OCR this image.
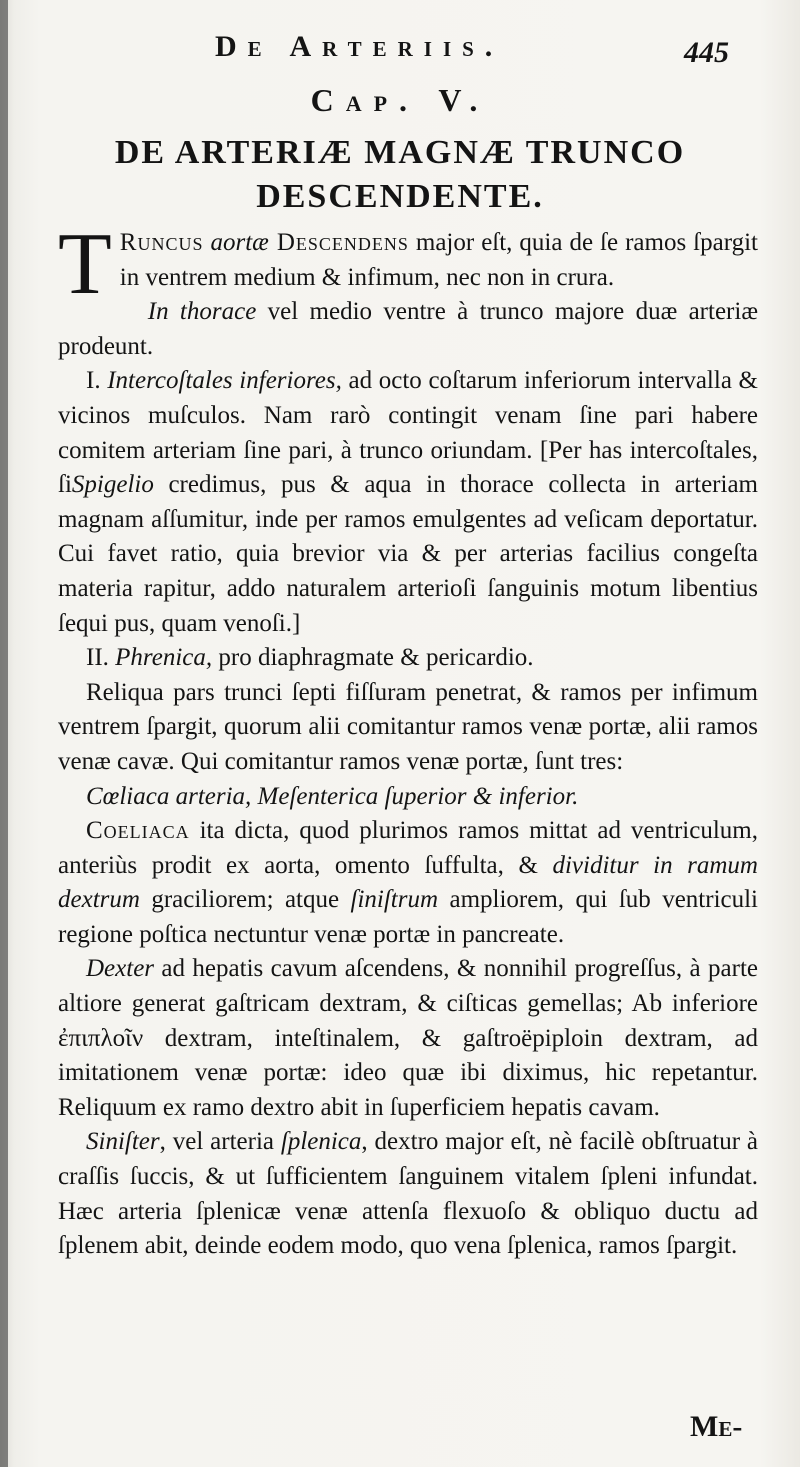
De Arteriis.	445
Cap. V.
DE ARTERIÆ MAGNÆ TRUNCO
DESCENDENTE.

T Runcus aortæ Descendens major eſt, quia de ſe ramos ſpargit in ventrem medium & infimum, nec non in crura.

In thorace vel medio ventre à trunco majore duæ arteriæ prodeunt.

I. Intercoſtales inferiores, ad octo coſtarum inferiorum intervalla & vicinos muſculos. Nam rarò contingit venam ſine pari habere comitem arteriam ſine pari, à trunco oriundam. [Per has intercoſtales, ſiSpigelio credimus, pus & aqua in thorace collecta in arteriam magnam aſſumitur, inde per ramos emulgentes ad veſicam deportatur. Cui favet ratio, quia brevior via & per arterias facilius congeſta materia rapitur, addo naturalem arterioſi ſanguinis motum libentius ſequi pus, quam venoſi.]

II. Phrenica, pro diaphragmate & pericardio.

Reliqua pars trunci ſepti fiſſuram penetrat, & ramos per infimum ventrem ſpargit, quorum alii comitantur ramos venæ portæ, alii ramos venæ cavæ. Qui comitantur ramos venæ portæ, ſunt tres:

Cœliaca arteria, Meſenterica ſuperior & inferior.

Coeliaca ita dicta, quod plurimos ramos mittat ad ventriculum, anteriùs prodit ex aorta, omento ſuffulta, & dividitur in ramum dextrum graciliorem; atque ſiniſtrum ampliorem, qui ſub ventriculi regione poſtica nectuntur venæ portæ in pancreate.

Dexter ad hepatis cavum aſcendens, & nonnihil progreſſus, à parte altiore generat gaſtricam dextram, & ciſticas gemellas; Ab inferiore ἐπιπλοῖν dextram, inteſtinalem, & gaſtroëpiploin dextram, ad imitationem venæ portæ: ideo quæ ibi diximus, hic repetantur. Reliquum ex ramo dextro abit in ſuperficiem hepatis cavam.

Siniſter, vel arteria ſplenica, dextro major eſt, nè facilè obſtruatur à craſſis ſuccis, & ut ſufficientem ſanguinem vitalem ſpleni infundat. Hæc arteria ſplenicæ venæ attenſa flexuoſo & obliquo ductu ad ſplenem abit, deinde eodem modo, quo vena ſplenica, ramos ſpargit.

Me-
